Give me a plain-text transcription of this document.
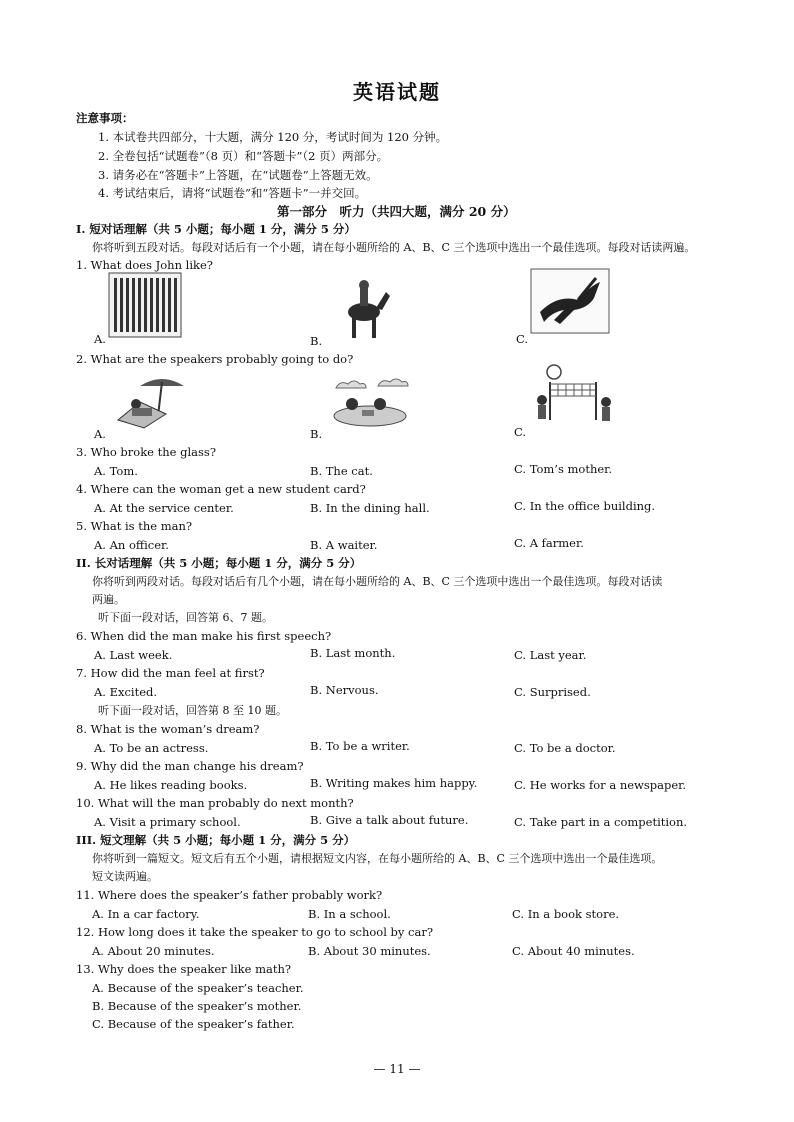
英语试题
注意事项：
1. 本试卷共四部分，十大题，满分 120 分，考试时间为 120 分钟。
2. 全卷包括“试题卷”（8 页）和“答题卡”（2 页）两部分。
3. 请务必在“答题卡”上答题，在“试题卷”上答题无效。
4. 考试结束后，请将“试题卷”和“答题卡”一并交回。
第一部分　听力（共四大题，满分 20 分）
I. 短对话理解（共 5 小题；每小题 1 分，满分 5 分）
你将听到五段对话。每段对话后有一个小题，请在每小题所给的 A、B、C 三个选项中选出一个最佳选项。每段对话读两遍。
1. What does John like?
A.	B.	C.
2. What are the speakers probably going to do?
A.	B.	C.
3. Who broke the glass?
A. Tom.	B. The cat.	C. Tom’s mother.
4. Where can the woman get a new student card?
A. At the service center.	B. In the dining hall.	C. In the office building.
5. What is the man?
A. An officer.	B. A waiter.	C. A farmer.
II. 长对话理解（共 5 小题；每小题 1 分，满分 5 分）
你将听到两段对话。每段对话后有几个小题，请在每小题所给的 A、B、C 三个选项中选出一个最佳选项。每段对话读
两遍。
听下面一段对话，回答第 6、7 题。
6. When did the man make his first speech?
A. Last week.	B. Last month.	C. Last year.
7. How did the man feel at first?
A. Excited.	B. Nervous.	C. Surprised.
听下面一段对话，回答第 8 至 10 题。
8. What is the woman’s dream?
A. To be an actress.	B. To be a writer.	C. To be a doctor.
9. Why did the man change his dream?
A. He likes reading books.	B. Writing makes him happy.	C. He works for a newspaper.
10. What will the man probably do next month?
A. Visit a primary school.	B. Give a talk about future.	C. Take part in a competition.
III. 短文理解（共 5 小题；每小题 1 分，满分 5 分）
你将听到一篇短文。短文后有五个小题，请根据短文内容，在每小题所给的 A、B、C 三个选项中选出一个最佳选项。
短文读两遍。
11. Where does the speaker’s father probably work?
A. In a car factory.	B. In a school.	C. In a book store.
12. How long does it take the speaker to go to school by car?
A. About 20 minutes.	B. About 30 minutes.	C. About 40 minutes.
13. Why does the speaker like math?
A. Because of the speaker’s teacher.
B. Because of the speaker’s mother.
C. Because of the speaker’s father.
— 11 —
